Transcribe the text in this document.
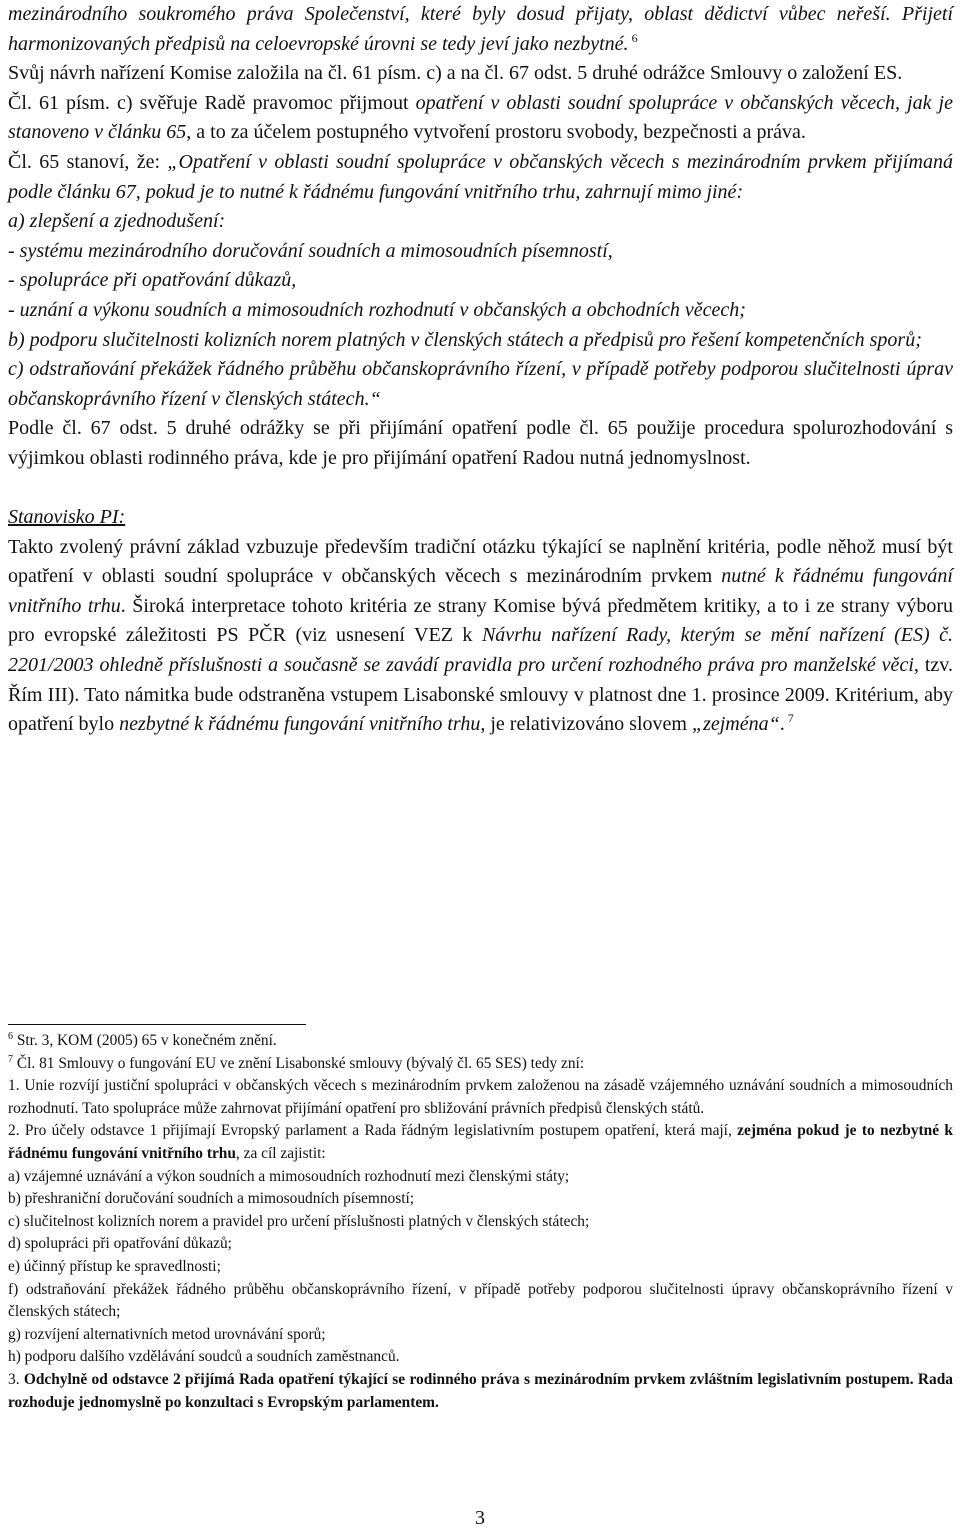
mezinárodního soukromého práva Společenství, které byly dosud přijaty, oblast dědictví vůbec neřeší. Přijetí harmonizovaných předpisů na celoevropské úrovni se tedy jeví jako nezbytné. $^6$

Svůj návrh nařízení Komise založila na čl. 61 písm. c) a na čl. 67 odst. 5 druhé odrážce Smlouvy o založení ES.

Čl. 61 písm. c) svěřuje Radě pravomoc přijmout opatření v oblasti soudní spolupráce v občanských věcech, jak je stanoveno v článku 65, a to za účelem postupného vytvoření prostoru svobody, bezpečnosti a práva.

Čl. 65 stanoví, že: „Opatření v oblasti soudní spolupráce v občanských věcech s mezinárodním prvkem přijímaná podle článku 67, pokud je to nutné k řádnému fungování vnitřního trhu, zahrnují mimo jiné:

a) zlepšení a zjednodušení:

- systému mezinárodního doručování soudních a mimosoudních písemností,

- spolupráce při opatřování důkazů,

- uznání a výkonu soudních a mimosoudních rozhodnutí v občanských a obchodních věcech;

b) podporu slučitelnosti kolizních norem platných v členských státech a předpisů pro řešení kompetenčních sporů;

c) odstraňování překážek řádného průběhu občanskoprávního řízení, v případě potřeby podporou slučitelnosti úprav občanskoprávního řízení v členských státech.“

Podle čl. 67 odst. 5 druhé odrážky se při přijímání opatření podle čl. 65 použije procedura spolurozhodování s výjimkou oblasti rodinného práva, kde je pro přijímání opatření Radou nutná jednomyslnost.

Stanovisko PI:

Takto zvolený právní základ vzbuzuje především tradiční otázku týkající se naplnění kritéria, podle něhož musí být opatření v oblasti soudní spolupráce v občanských věcech s mezinárodním prvkem nutné k řádnému fungování vnitřního trhu. Široká interpretace tohoto kritéria ze strany Komise bývá předmětem kritiky, a to i ze strany výboru pro evropské záležitosti PS PČR (viz usnesení VEZ k Návrhu nařízení Rady, kterým se mění nařízení (ES) č. 2201/2003 ohledně příslušnosti a současně se zavádí pravidla pro určení rozhodného práva pro manželské věci, tzv. Řím III). Tato námitka bude odstraněna vstupem Lisabonské smlouvy v platnost dne 1. prosince 2009. Kritérium, aby opatření bylo nezbytné k řádnému fungování vnitřního trhu, je relativizováno slovem „zejména“. $^7$

$^6$ Str. 3, KOM (2005) 65 v konečném znění.

$^7$ Čl. 81 Smlouvy o fungování EU ve znění Lisabonské smlouvy (bývalý čl. 65 SES) tedy zní:

1. Unie rozvíjí justiční spolupráci v občanských věcech s mezinárodním prvkem založenou na zásadě vzájemného uznávání soudních a mimosoudních rozhodnutí. Tato spolupráce může zahrnovat přijímání opatření pro sbližování právních předpisů členských států.

2. Pro účely odstavce 1 přijímají Evropský parlament a Rada řádným legislativním postupem opatření, která mají, zejména pokud je to nezbytné k řádnému fungování vnitřního trhu, za cíl zajistit:

a) vzájemné uznávání a výkon soudních a mimosoudních rozhodnutí mezi členskými státy;

b) přeshraniční doručování soudních a mimosoudních písemností;

c) slučitelnost kolizních norem a pravidel pro určení příslušnosti platných v členských státech;

d) spolupráci při opatřování důkazů;

e) účinný přístup ke spravedlnosti;

f) odstraňování překážek řádného průběhu občanskoprávního řízení, v případě potřeby podporou slučitelnosti úpravy občanskoprávního řízení v členských státech;

g) rozvíjení alternativních metod urovnávání sporů;

h) podporu dalšího vzdělávání soudců a soudních zaměstnanců.

3. Odchylně od odstavce 2 přijímá Rada opatření týkající se rodinného práva s mezinárodním prvkem zvláštním legislativním postupem. Rada rozhoduje jednomyslně po konzultaci s Evropským parlamentem.

3
